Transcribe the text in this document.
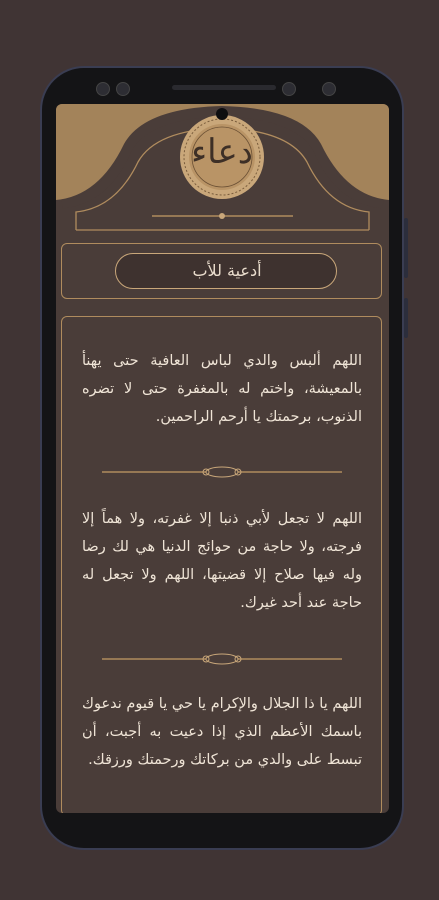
دعاء
أدعية للأب
اللهم ألبس والدي لباس العافية حتى يهنأ بالمعيشة، واختم له بالمغفرة حتى لا تضره الذنوب، برحمتك يا أرحم الراحمين.
اللهم لا تجعل لأبي ذنبا إلا غفرته، ولا هماً إلا فرجته، ولا حاجة من حوائج الدنيا هي لك رضا وله فيها صلاح إلا قضيتها، اللهم ولا تجعل له حاجة عند أحد غيرك.
اللهم يا ذا الجلال والإكرام يا حي يا قيوم ندعوك باسمك الأعظم الذي إذا دعيت به أجبت، أن تبسط على والدي من بركاتك ورحمتك ورزقك.
